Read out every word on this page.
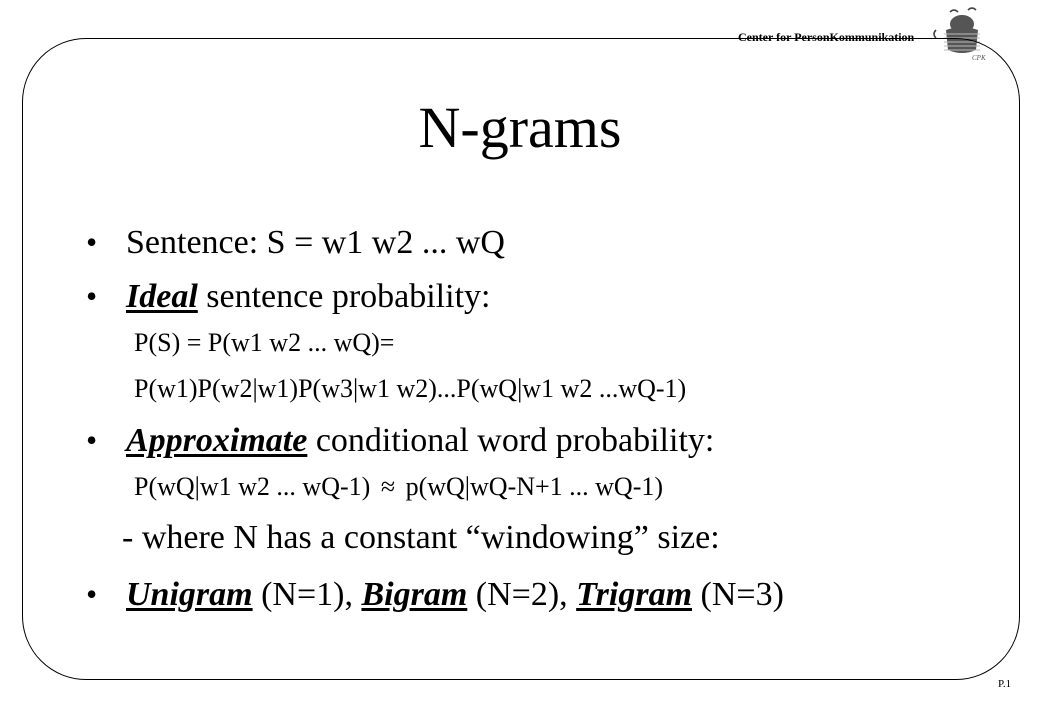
Center for PersonKommunikation
CPK
N-grams
• Sentence: S = w1 w2 ... wQ
• Ideal sentence probability:
P(S) = P(w1 w2 ... wQ)=
P(w1)P(w2|w1)P(w3|w1 w2)...P(wQ|w1 w2 ...wQ-1)
• Approximate conditional word probability:
P(wQ|w1 w2 ... wQ-1) ≈ p(wQ|wQ-N+1 ... wQ-1)
- where N has a constant “windowing” size:
• Unigram (N=1), Bigram (N=2), Trigram (N=3)
P.1
